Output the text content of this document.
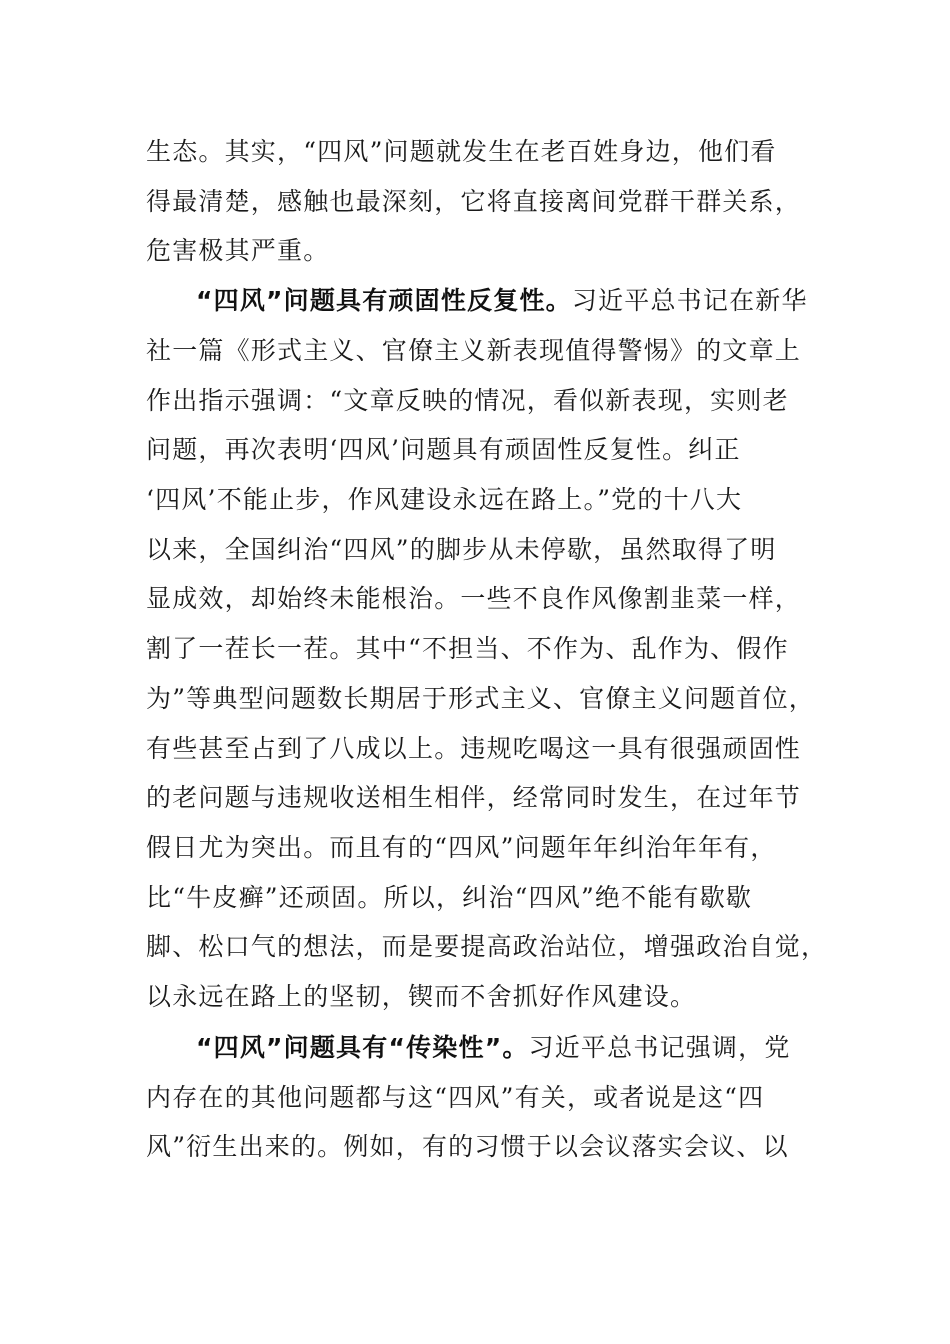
生态。其实，“四风”问题就发生在老百姓身边，他们看
得最清楚，感触也最深刻，它将直接离间党群干群关系，
危害极其严重。
“四风”问题具有顽固性反复性。习近平总书记在新华
社一篇《形式主义、官僚主义新表现值得警惕》的文章上
作出指示强调：“文章反映的情况，看似新表现，实则老
问题，再次表明‘四风’问题具有顽固性反复性。纠正
‘四风’不能止步，作风建设永远在路上。”党的十八大
以来，全国纠治“四风”的脚步从未停歇，虽然取得了明
显成效，却始终未能根治。一些不良作风像割韭菜一样，
割了一茬长一茬。其中“不担当、不作为、乱作为、假作
为”等典型问题数长期居于形式主义、官僚主义问题首位，
有些甚至占到了八成以上。违规吃喝这一具有很强顽固性
的老问题与违规收送相生相伴，经常同时发生，在过年节
假日尤为突出。而且有的“四风”问题年年纠治年年有，
比“牛皮癣”还顽固。所以，纠治“四风”绝不能有歇歇
脚、松口气的想法，而是要提高政治站位，增强政治自觉，
以永远在路上的坚韧，锲而不舍抓好作风建设。
“四风”问题具有“传染性”。习近平总书记强调，党
内存在的其他问题都与这“四风”有关，或者说是这“四
风”衍生出来的。例如，有的习惯于以会议落实会议、以
